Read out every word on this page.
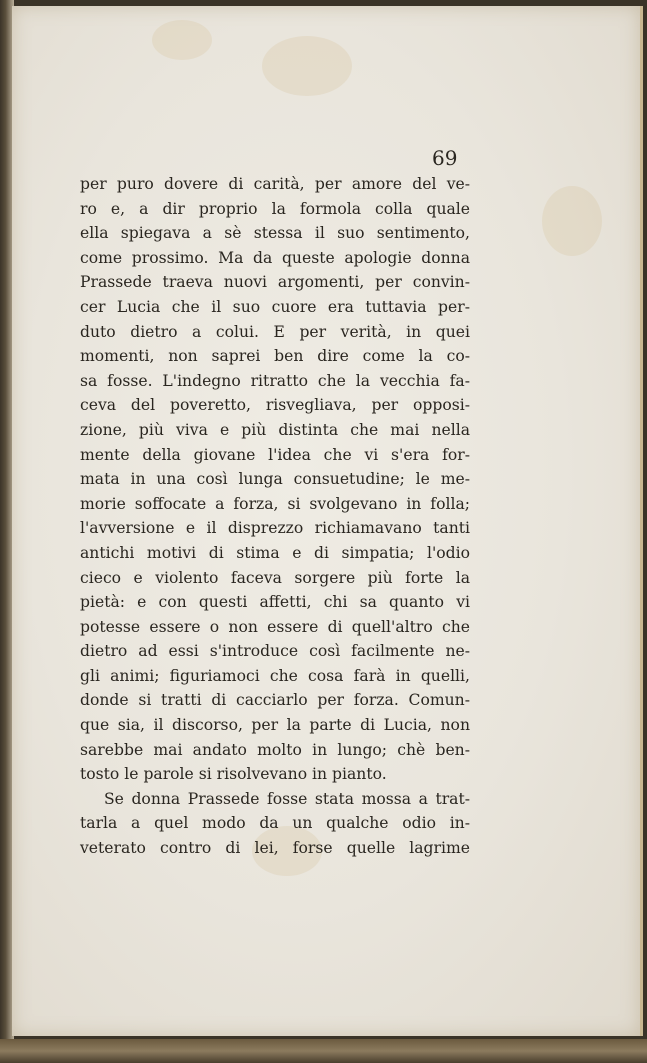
69
per puro dovere di carità, per amore del ve-
ro e, a dir proprio la formola colla quale
ella spiegava a sè stessa il suo sentimento,
come prossimo. Ma da queste apologie donna
Prassede traeva nuovi argomenti, per convin-
cer Lucia che il suo cuore era tuttavia per-
duto dietro a colui. E per verità, in quei
momenti, non saprei ben dire come la co-
sa fosse. L'indegno ritratto che la vecchia fa-
ceva del poveretto, risvegliava, per opposi-
zione, più viva e più distinta che mai nella
mente della giovane l'idea che vi s'era for-
mata in una così lunga consuetudine; le me-
morie soffocate a forza, si svolgevano in folla;
l'avversione e il disprezzo richiamavano tanti
antichi motivi di stima e di simpatia; l'odio
cieco e violento faceva sorgere più forte la
pietà: e con questi affetti, chi sa quanto vi
potesse essere o non essere di quell'altro che
dietro ad essi s'introduce così facilmente ne-
gli animi; figuriamoci che cosa farà in quelli,
donde si tratti di cacciarlo per forza. Comun-
que sia, il discorso, per la parte di Lucia, non
sarebbe mai andato molto in lungo; chè ben-
tosto le parole si risolvevano in pianto.
Se donna Prassede fosse stata mossa a trat-
tarla a quel modo da un qualche odio in-
veterato contro di lei, forse quelle lagrime
